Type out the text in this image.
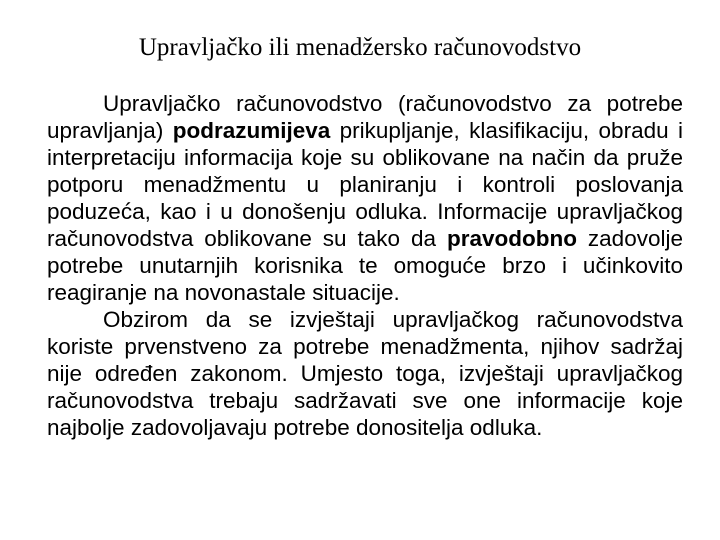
Upravljačko ili menadžersko računovodstvo

Upravljačko računovodstvo (računovodstvo za potrebe upravljanja) podrazumijeva prikupljanje, klasifikaciju, obradu i interpretaciju informacija koje su oblikovane na način da pruže potporu menadžmentu u planiranju i kontroli poslovanja poduzeća, kao i u donošenju odluka. Informacije upravljačkog računovodstva oblikovane su tako da pravodobno zadovolje potrebe unutarnjih korisnika te omoguće brzo i učinkovito reagiranje na novonastale situacije.

Obzirom da se izvještaji upravljačkog računovodstva koriste prvenstveno za potrebe menadžmenta, njihov sadržaj nije određen zakonom. Umjesto toga, izvještaji upravljačkog računovodstva trebaju sadržavati sve one informacije koje najbolje zadovoljavaju potrebe donositelja odluka.
